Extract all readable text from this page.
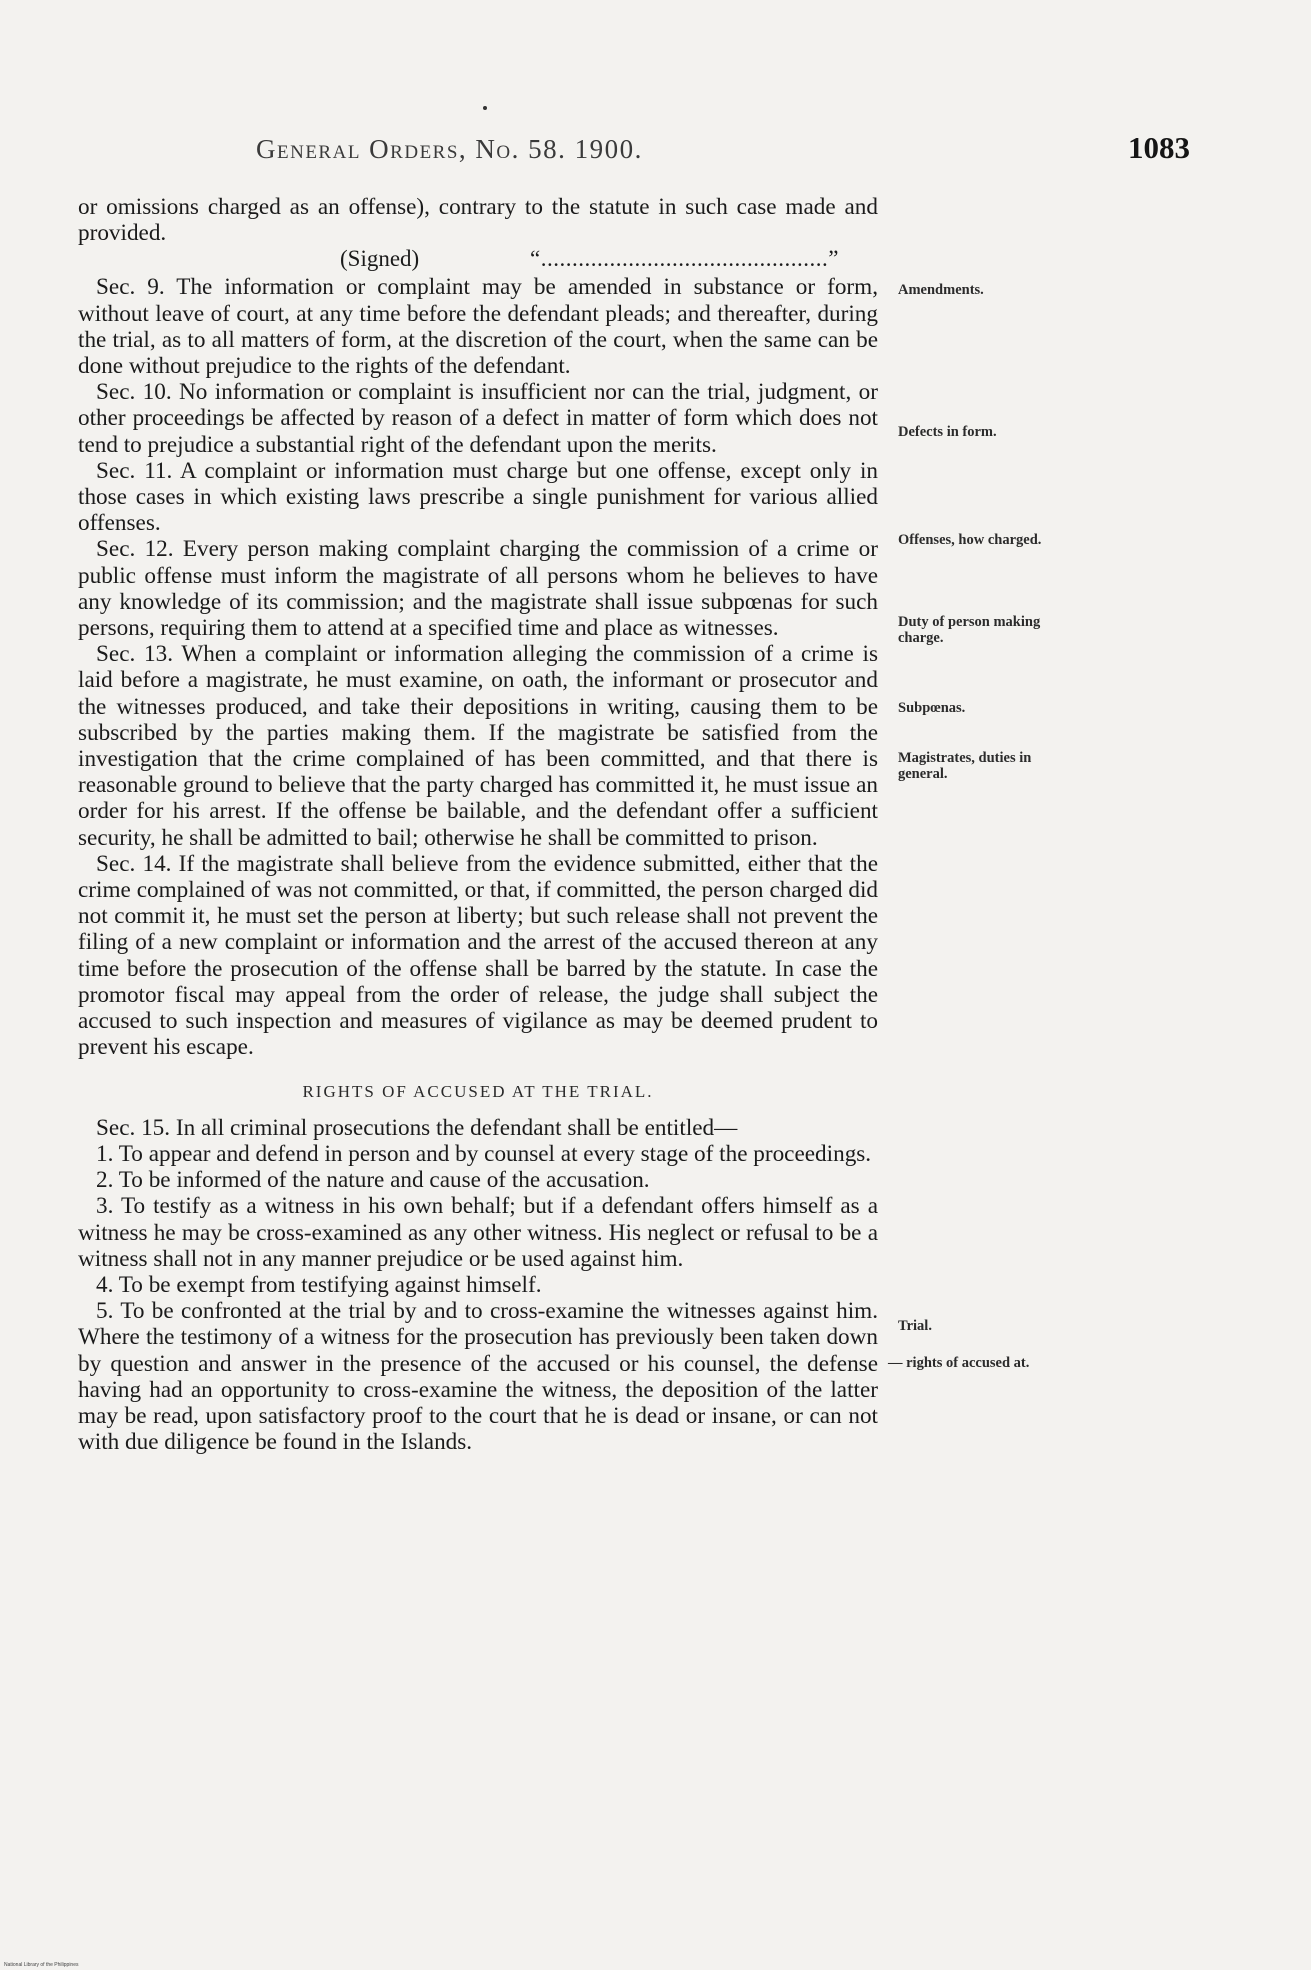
General Orders, No. 58. 1900.	1083

or omissions charged as an offense), contrary to the statute in such case made and provided.

(Signed)	“..............................................”

Sec. 9. The information or complaint may be amended in substance or form, without leave of court, at any time before the defendant pleads; and thereafter, during the trial, as to all matters of form, at the discretion of the court, when the same can be done without prejudice to the rights of the defendant.

Sec. 10. No information or complaint is insufficient nor can the trial, judgment, or other proceedings be affected by reason of a defect in matter of form which does not tend to prejudice a substantial right of the defendant upon the merits.

Sec. 11. A complaint or information must charge but one offense, except only in those cases in which existing laws prescribe a single punishment for various allied offenses.

Sec. 12. Every person making complaint charging the commission of a crime or public offense must inform the magistrate of all persons whom he believes to have any knowledge of its commission; and the magistrate shall issue subpœnas for such persons, requiring them to attend at a specified time and place as witnesses.

Sec. 13. When a complaint or information alleging the commission of a crime is laid before a magistrate, he must examine, on oath, the informant or prosecutor and the witnesses produced, and take their depositions in writing, causing them to be subscribed by the parties making them. If the magistrate be satisfied from the investigation that the crime complained of has been committed, and that there is reasonable ground to believe that the party charged has committed it, he must issue an order for his arrest. If the offense be bailable, and the defendant offer a sufficient security, he shall be admitted to bail; otherwise he shall be committed to prison.

Sec. 14. If the magistrate shall believe from the evidence submitted, either that the crime complained of was not committed, or that, if committed, the person charged did not commit it, he must set the person at liberty; but such release shall not prevent the filing of a new complaint or information and the arrest of the accused thereon at any time before the prosecution of the offense shall be barred by the statute. In case the promotor fiscal may appeal from the order of release, the judge shall subject the accused to such inspection and measures of vigilance as may be deemed prudent to prevent his escape.

RIGHTS OF ACCUSED AT THE TRIAL.

Sec. 15. In all criminal prosecutions the defendant shall be entitled—

1. To appear and defend in person and by counsel at every stage of the proceedings.

2. To be informed of the nature and cause of the accusation.

3. To testify as a witness in his own behalf; but if a defendant offers himself as a witness he may be cross-examined as any other witness. His neglect or refusal to be a witness shall not in any manner prejudice or be used against him.

4. To be exempt from testifying against himself.

5. To be confronted at the trial by and to cross-examine the witnesses against him. Where the testimony of a witness for the prosecution has previously been taken down by question and answer in the presence of the accused or his counsel, the defense having had an opportunity to cross-examine the witness, the deposition of the latter may be read, upon satisfactory proof to the court that he is dead or insane, or can not with due diligence be found in the Islands.

Amendments.
Defects in form.
Offenses, how charged.
Duty of person making charge.
Subpœnas.
Magistrates, duties in general.
Trial.
— rights of accused at.
National Library of the Philippines
